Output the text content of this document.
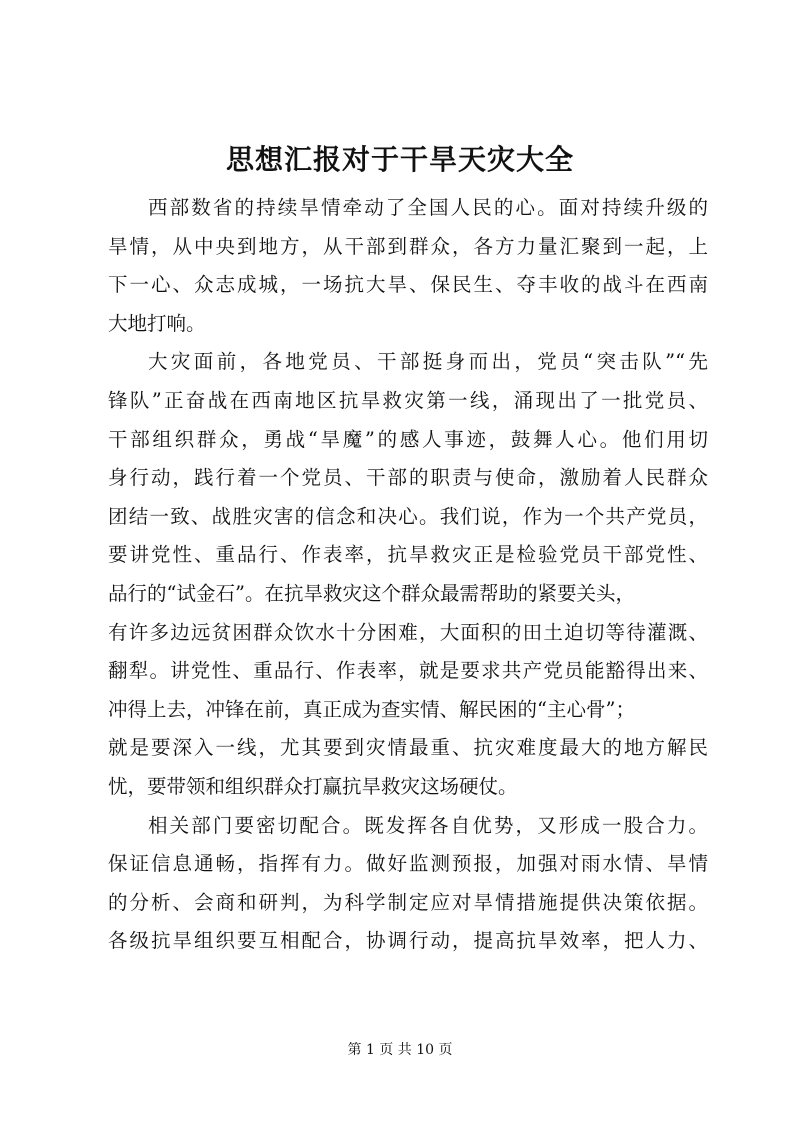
思想汇报对于干旱天灾大全
西部数省的持续旱情牵动了全国人民的心。面对持续升级的
旱情，从中央到地方，从干部到群众，各方力量汇聚到一起，上
下一心、众志成城，一场抗大旱、保民生、夺丰收的战斗在西南
大地打响。
大灾面前，各地党员、干部挺身而出，党员“突击队”“先
锋队”正奋战在西南地区抗旱救灾第一线，涌现出了一批党员、
干部组织群众，勇战“旱魔”的感人事迹，鼓舞人心。他们用切
身行动，践行着一个党员、干部的职责与使命，激励着人民群众
团结一致、战胜灾害的信念和决心。我们说，作为一个共产党员，
要讲党性、重品行、作表率，抗旱救灾正是检验党员干部党性、
品行的“试金石”。在抗旱救灾这个群众最需帮助的紧要关头，
有许多边远贫困群众饮水十分困难，大面积的田土迫切等待灌溉、
翻犁。讲党性、重品行、作表率，就是要求共产党员能豁得出来、
冲得上去，冲锋在前，真正成为查实情、解民困的“主心骨”；
就是要深入一线，尤其要到灾情最重、抗灾难度最大的地方解民
忧，要带领和组织群众打赢抗旱救灾这场硬仗。
相关部门要密切配合。既发挥各自优势，又形成一股合力。
保证信息通畅，指挥有力。做好监测预报，加强对雨水情、旱情
的分析、会商和研判，为科学制定应对旱情措施提供决策依据。
各级抗旱组织要互相配合，协调行动，提高抗旱效率，把人力、
第 1 页 共 10 页
